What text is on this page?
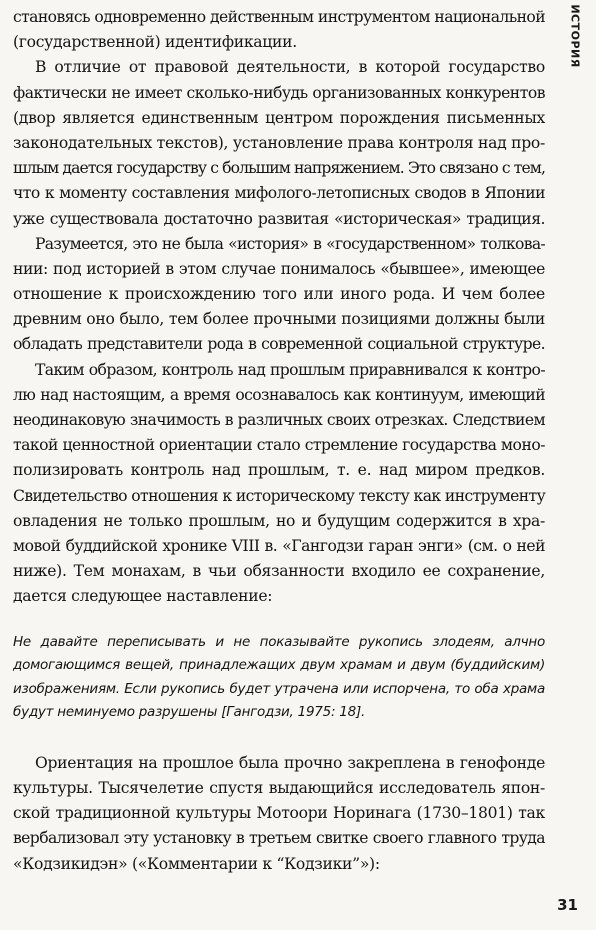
ИСТОРИЯ
становясь одновременно действенным инструментом национальной
(государственной) идентификации.
В отличие от правовой деятельности, в которой государство
фактически не имеет сколько-нибудь организованных конкурентов
(двор является единственным центром порождения письменных
законодательных текстов), установление права контроля над про-
шлым дается государству с большим напряжением. Это связано с тем,
что к моменту составления мифолого-летописных сводов в Японии
уже существовала достаточно развитая «историческая» традиция.
Разумеется, это не была «история» в «государственном» толкова-
нии: под историей в этом случае понималось «бывшее», имеющее
отношение к происхождению того или иного рода. И чем более
древним оно было, тем более прочными позициями должны были
обладать представители рода в современной социальной структуре.
Таким образом, контроль над прошлым приравнивался к контро-
лю над настоящим, а время осознавалось как континуум, имеющий
неодинаковую значимость в различных своих отрезках. Следствием
такой ценностной ориентации стало стремление государства моно-
полизировать контроль над прошлым, т. е. над миром предков.
Свидетельство отношения к историческому тексту как инструменту
овладения не только прошлым, но и будущим содержится в хра-
мовой буддийской хронике VIII в. «Гангодзи гаран энги» (см. о ней
ниже). Тем монахам, в чьи обязанности входило ее сохранение,
дается следующее наставление:
Не давайте переписывать и не показывайте рукопись злодеям, алчно
домогающимся вещей, принадлежащих двум храмам и двум (буддийским)
изображениям. Если рукопись будет утрачена или испорчена, то оба храма
будут неминуемо разрушены [Гангодзи, 1975: 18].
Ориентация на прошлое была прочно закреплена в генофонде
культуры. Тысячелетие спустя выдающийся исследователь япон-
ской традиционной культуры Мотоори Норинага (1730–1801) так
вербализовал эту установку в третьем свитке своего главного труда
«Кодзикидэн» («Комментарии к “Кодзики”»):
31
